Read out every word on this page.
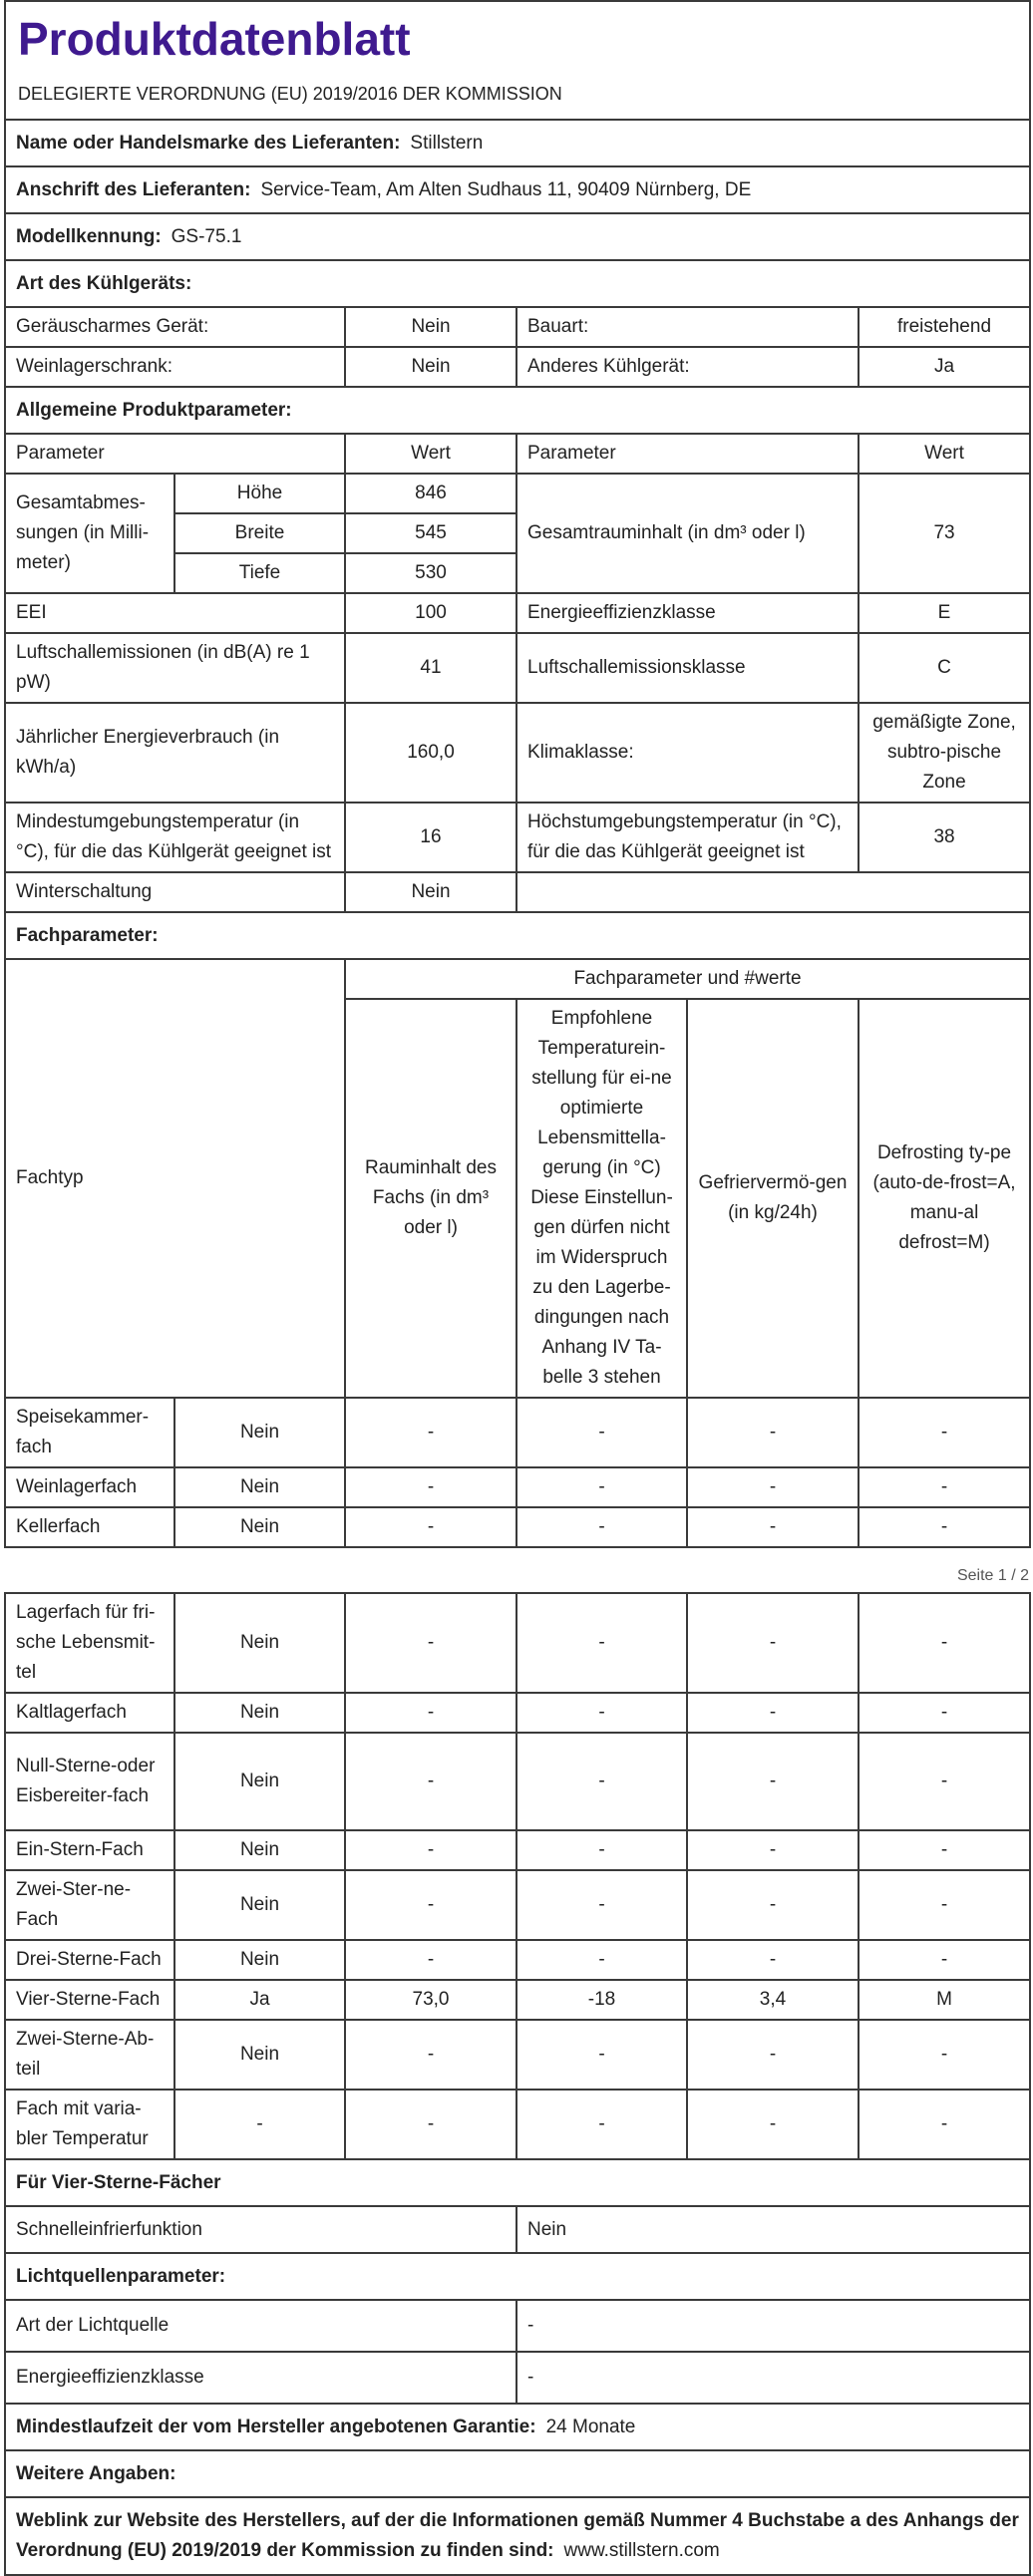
Produktdatenblatt					
DELEGIERTE VERORDNUNG (EU) 2019/2016 DER KOMMISSION					
Name oder Handelsmarke des Lieferanten: Stillstern					
Anschrift des Lieferanten: Service-Team, Am Alten Sudhaus 11, 90409 Nürnberg, DE					
Modellkennung: GS-75.1					
Art des Kühlgeräts:					
Geräuscharmes Gerät:		Nein	Bauart:		freistehend
Weinlagerschrank:		Nein	Anderes Kühlgerät:		Ja
Allgemeine Produktparameter:					
Parameter		Wert	Parameter		Wert
Gesamtabmes-sungen (in Milli-meter)	Höhe	846	Gesamtrauminhalt (in dm³ oder l)		73
	Breite	545			
	Tiefe	530			
EEI		100	Energieeffizienzklasse		E
Luftschallemissionen (in dB(A) re 1 pW)		41	Luftschallemissionsklasse		C
Jährlicher Energieverbrauch (in kWh/a)		160,0	Klimaklasse:		gemäßigte Zone, subtro-pische Zone
Mindestumgebungstemperatur (in °C), für die das Kühlgerät geeignet ist		16	Höchstumgebungstemperatur (in °C), für die das Kühlgerät geeignet ist		38
Winterschaltung		Nein			
Fachparameter:					
Fachtyp		Fachparameter und #werte			
		Rauminhalt des Fachs (in dm³ oder l)	Empfohlene Temperaturein-stellung für ei-ne optimierte Lebensmittella-gerung (in °C) Diese Einstellun-gen dürfen nicht im Widerspruch zu den Lagerbe-dingungen nach Anhang IV Ta-belle 3 stehen	Gefriervermö-gen (in kg/24h)	Defrosting ty-pe (auto-de-frost=A, manu-al defrost=M)
Speisekammer-fach	Nein	-	-	-	-
Weinlagerfach	Nein	-	-	-	-
Kellerfach	Nein	-	-	-	-
Seite 1 / 2
Lagerfach für fri-sche Lebensmit-tel	Nein	-	-	-	-
Kaltlagerfach	Nein	-	-	-	-
Null-Sterne-oder Eisbereiter-fach	Nein	-	-	-	-
Ein-Stern-Fach	Nein	-	-	-	-
Zwei-Ster-ne-Fach	Nein	-	-	-	-
Drei-Sterne-Fach	Nein	-	-	-	-
Vier-Sterne-Fach	Ja	73,0	-18	3,4	M
Zwei-Sterne-Ab-teil	Nein	-	-	-	-
Fach mit varia-bler Temperatur	-	-	-	-	-
Für Vier-Sterne-Fächer					
Schnelleinfrierfunktion			Nein		
Lichtquellenparameter:					
Art der Lichtquelle			-		
Energieeffizienzklasse			-		
Mindestlaufzeit der vom Hersteller angebotenen Garantie: 24 Monate					
Weitere Angaben:					
Weblink zur Website des Herstellers, auf der die Informationen gemäß Nummer 4 Buchstabe a des Anhangs der Verordnung (EU) 2019/2019 der Kommission zu finden sind: www.stillstern.com					
